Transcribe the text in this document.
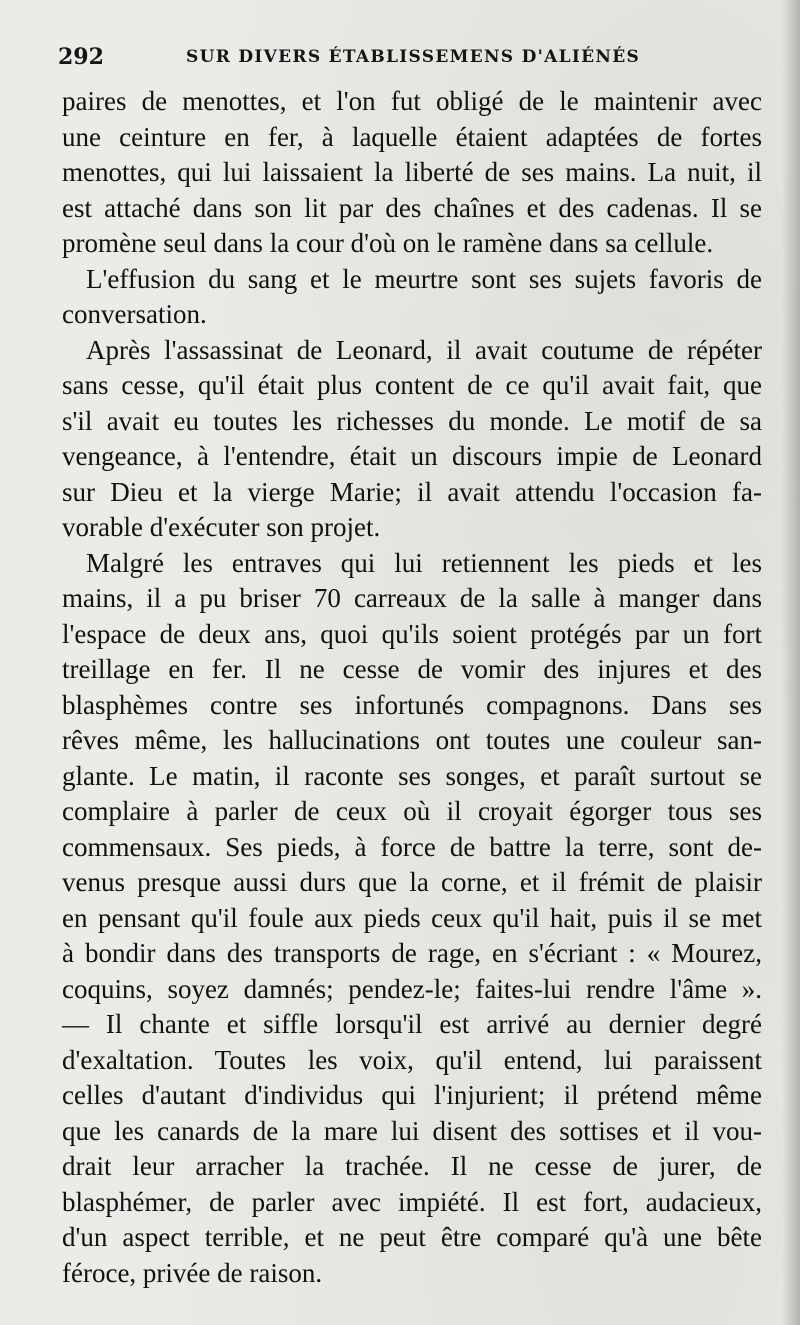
292	SUR DIVERS ÉTABLISSEMENS D'ALIÉNÉS
paires de menottes, et l'on fut obligé de le maintenir avec
une ceinture en fer, à laquelle étaient adaptées de fortes
menottes, qui lui laissaient la liberté de ses mains. La nuit, il
est attaché dans son lit par des chaînes et des cadenas. Il se
promène seul dans la cour d'où on le ramène dans sa cellule.
L'effusion du sang et le meurtre sont ses sujets favoris de
conversation.
Après l'assassinat de Leonard, il avait coutume de répéter
sans cesse, qu'il était plus content de ce qu'il avait fait, que
s'il avait eu toutes les richesses du monde. Le motif de sa
vengeance, à l'entendre, était un discours impie de Leonard
sur Dieu et la vierge Marie; il avait attendu l'occasion fa-
vorable d'exécuter son projet.
Malgré les entraves qui lui retiennent les pieds et les
mains, il a pu briser 70 carreaux de la salle à manger dans
l'espace de deux ans, quoi qu'ils soient protégés par un fort
treillage en fer. Il ne cesse de vomir des injures et des
blasphèmes contre ses infortunés compagnons. Dans ses
rêves même, les hallucinations ont toutes une couleur san-
glante. Le matin, il raconte ses songes, et paraît surtout se
complaire à parler de ceux où il croyait égorger tous ses
commensaux. Ses pieds, à force de battre la terre, sont de-
venus presque aussi durs que la corne, et il frémit de plaisir
en pensant qu'il foule aux pieds ceux qu'il hait, puis il se met
à bondir dans des transports de rage, en s'écriant : « Mourez,
coquins, soyez damnés; pendez-le; faites-lui rendre l'âme ».
— Il chante et siffle lorsqu'il est arrivé au dernier degré
d'exaltation. Toutes les voix, qu'il entend, lui paraissent
celles d'autant d'individus qui l'injurient; il prétend même
que les canards de la mare lui disent des sottises et il vou-
drait leur arracher la trachée. Il ne cesse de jurer, de
blasphémer, de parler avec impiété. Il est fort, audacieux,
d'un aspect terrible, et ne peut être comparé qu'à une bête
féroce, privée de raison.
